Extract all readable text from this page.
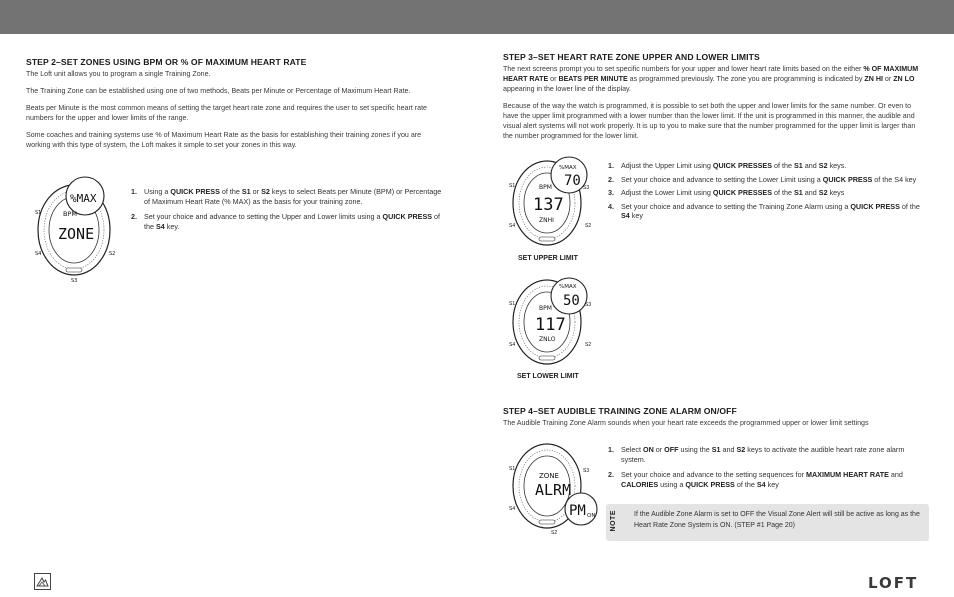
STEP 2–SET ZONES USING BPM OR % OF MAXIMUM HEART RATE

The Loft unit allows you to program a single Training Zone.

The Training Zone can be established using one of two methods, Beats per Minute or Percentage of Maximum Heart Rate.

Beats per Minute is the most common means of setting the target heart rate zone and requires the user to set specific heart rate numbers for the upper and lower limits of the range.

Some coaches and training systems use % of Maximum Heart Rate as the basis for establishing their training zones if you are working with this type of system, the Loft makes it simple to set your zones in this way.

%MAX
BPM
ZONE
S1
S4	S2
S3
1. Using a QUICK PRESS of the S1 or S2 keys to select Beats per Minute (BPM) or Percentage of Maximum Heart Rate (% MAX) as the basis for your training zone.
2. Set your choice and advance to setting the Upper and Lower limits using a QUICK PRESS of the S4 key.
STEP 3–SET HEART RATE ZONE UPPER AND LOWER LIMITS

The next screens prompt you to set specific numbers for your upper and lower heart rate limits based on the either % OF MAXIMUM HEART RATE or BEATS PER MINUTE as programmed previously. The zone you are programming is indicated by ZN HI or ZN LO appearing in the lower line of the display.

Because of the way the watch is programmed, it is possible to set both the upper and lower limits for the same number. Or even to have the upper limit programmed with a lower number than the lower limit. If the unit is programmed in this manner, the audible and visual alert systems will not work properly. It is up to you to make sure that the number programmed for the upper limit is larger than the number programmed for the lower limit.

%MAX
70
BPM
137
ZNHI
S1
S4	S2
S3
SET UPPER LIMIT
%MAX
50
BPM
117
ZNLO
S1
S4	S2
S3
SET LOWER LIMIT
1. Adjust the Upper Limit using QUICK PRESSES of the S1 and S2 keys.
2. Set your choice and advance to setting the Lower Limit using a QUICK PRESS of the S4 key
3. Adjust the Lower Limit using QUICK PRESSES of the S1 and S2 keys
4. Set your choice and advance to setting the Training Zone Alarm using a QUICK PRESS of the S4 key
STEP 4–SET AUDIBLE TRAINING ZONE ALARM ON/OFF

The Audible Training Zone Alarm sounds when your heart rate exceeds the programmed upper or lower limit settings

ZONE
ALRM
PM ON
S1
S4
S3
S2
1. Select ON or OFF using the S1 and S2 keys to activate the audible heart rate zone alarm system.
2. Set your choice and advance to the setting sequences for MAXIMUM HEART RATE and CALORIES using a QUICK PRESS of the S4 key
NOTE If the Audible Zone Alarm is set to OFF the Visual Zone Alert will still be active as long as the Heart Rate Zone System is ON. (STEP #1 Page 20)
LOFT
